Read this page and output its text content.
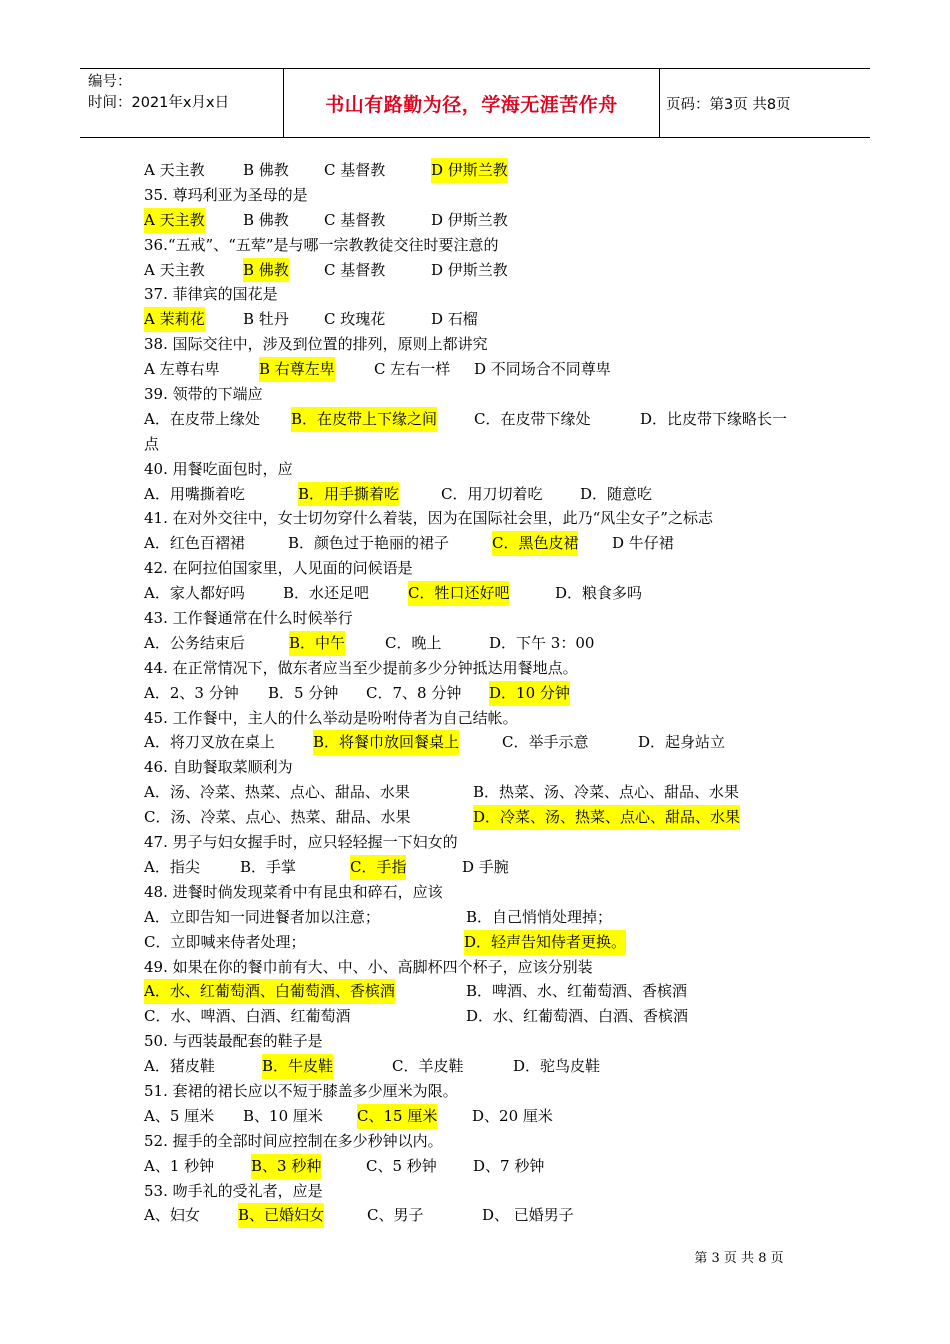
编号：
时间：2021年x月x日	书山有路勤为径，学海无涯苦作舟	页码：第3页 共8页
A 天主教	B 佛教 C 基督教	D 伊斯兰教
35. 尊玛利亚为圣母的是
A 天主教	B 佛教 C 基督教	D 伊斯兰教
36.“五戒”、“五荤”是与哪一宗教教徒交往时要注意的
A 天主教	B 佛教 C 基督教	D 伊斯兰教
37. 菲律宾的国花是
A 茉莉花	B 牡丹 C 玫瑰花	D 石榴
38. 国际交往中，涉及到位置的排列，原则上都讲究
A 左尊右卑	B 右尊左卑	C 左右一样 D 不同场合不同尊卑
39. 领带的下端应
A．在皮带上缘处 B．在皮带上下缘之间 C．在皮带下缘处	D．比皮带下缘略长一
点
40. 用餐吃面包时，应
A．用嘴撕着吃	B．用手撕着吃	C．用刀切着吃	D．随意吃
41. 在对外交往中，女士切勿穿什么着装，因为在国际社会里，此乃“风尘女子”之标志
A．红色百褶裙	B．颜色过于艳丽的裙子	C．黑色皮裙 D 牛仔裙
42. 在阿拉伯国家里，人见面的问候语是
A．家人都好吗	B．水还足吧	C．牲口还好吧	D．粮食多吗
43. 工作餐通常在什么时候举行
A．公务结束后	B．中午	C．晚上	D．下午 3：00
44. 在正常情况下，做东者应当至少提前多少分钟抵达用餐地点。
A．2、3 分钟 B．5 分钟 C．7、8 分钟 D．10 分钟
45. 工作餐中，主人的什么举动是吩咐侍者为自己结帐。
A．将刀叉放在桌上	B．将餐巾放回餐桌上	C．举手示意	D．起身站立
46. 自助餐取菜顺利为
A．汤、冷菜、热菜、点心、甜品、水果	B．热菜、汤、冷菜、点心、甜品、水果
C．汤、冷菜、点心、热菜、甜品、水果	D．冷菜、汤、热菜、点心、甜品、水果
47. 男子与妇女握手时，应只轻轻握一下妇女的
A．指尖	B．手掌	C．手指	D 手腕
48. 进餐时倘发现菜肴中有昆虫和碎石，应该
A．立即告知一同进餐者加以注意；	B．自己悄悄处理掉；
C．立即喊来侍者处理；	D．轻声告知侍者更换。
49. 如果在你的餐巾前有大、中、小、高脚杯四个杯子，应该分别装
A．水、红葡萄酒、白葡萄酒、香槟酒	B．啤酒、水、红葡萄酒、香槟酒
C．水、啤酒、白酒、红葡萄酒	D．水、红葡萄酒、白酒、香槟酒
50. 与西装最配套的鞋子是
A．猪皮鞋	B．牛皮鞋	C．羊皮鞋	D．驼鸟皮鞋
51. 套裙的裙长应以不短于膝盖多少厘米为限。
A、5 厘米 B、10 厘米 C、15 厘米 D、20 厘米
52. 握手的全部时间应控制在多少秒钟以内。
A、1 秒钟 B、3 秒种	C、5 秒钟 D、7 秒钟
53. 吻手礼的受礼者，应是
A、妇女	B、已婚妇女	C、男子	D、 已婚男子
第 3 页 共 8 页
